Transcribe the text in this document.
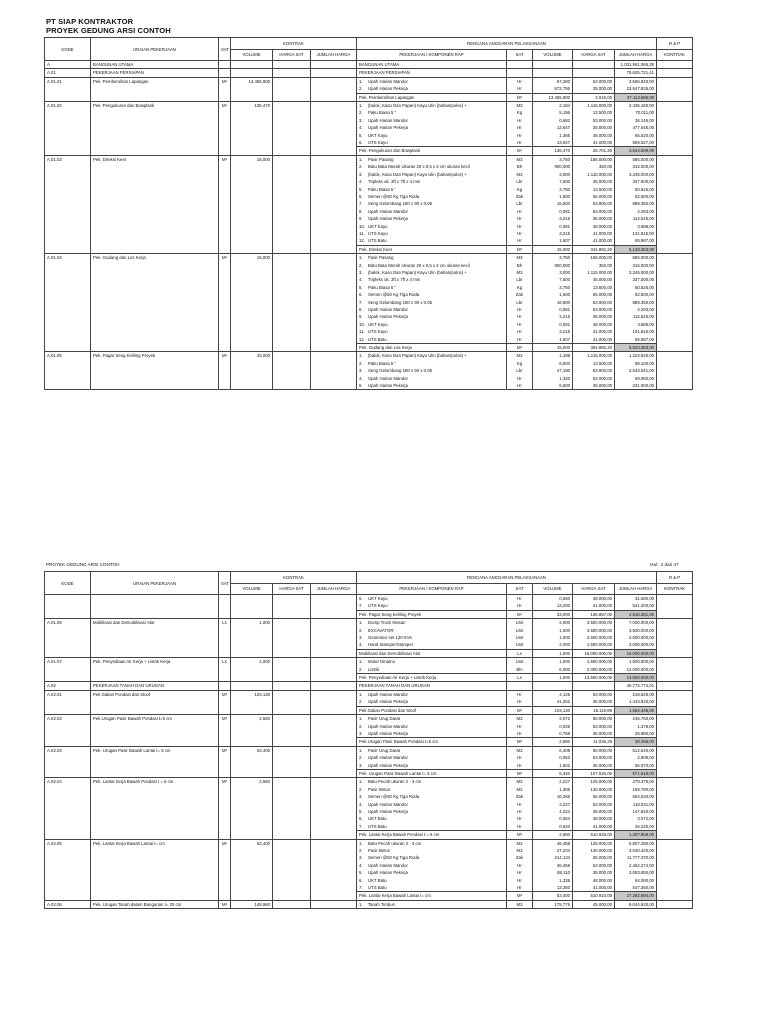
PT SIAP KONTRAKTOR
PROYEK GEDUNG ARSI CONTOH
KODE	URAIAN PEKERJAAN	SAT	KONTRAK			RENCANA ANGGARAN PELAKSANAAN					R & P
			VOLUME	HARGA SAT	JUMLAH HARGA	PEKERJAAN / KOMPONEN RAP	SAT	VOLUME	HARGA SAT	JUMLAH HARGA	KONTRAK
A	BANGUNAN UTAMA					BANGUNAN UTAMA				1.031.961.065,35	
A.01	PEKERJAAN PERSIAPAN					PEKERJAAN PERSIAPAN				75.625.721,41	
A.01.01	Pek. Pembersihan Lapangan	M²	13.455,900			1. Upah Harian Mandor	Hr	67,280	53.000,00	3.565.840,00	
						2. Upah Harian Pekerja	Hr	672,795	35.000,00	23.547.825,00	
						Pek. Pembersihan Lapangan	M²	13.455,900	2.015,00	27.113.665,00	
A.01.02	Pek. Pengukuran dan Bowplank	M¹	136,470			1. (balok, Kaso Dan Papan) Kayu Ulin (bahan/polos) +	M3	2,184	1.115.000,00	2.435.160,00	
						2. Paku Biasa 5 "	Kg	5,196	13.500,00	70.011,00	
						3. Upah Harian Mandor	Hr	0,682	53.000,00	36.146,00	
						4. Upah Harian Pekerja	Hr	13,647	35.000,00	477.645,00	
						5. UKT Kayu	Hr	1,365	48.000,00	65.520,00	
						6. UTS Kayu	Hr	13,647	41.000,00	559.527,00	
						Pek. Pengukuran dan Bowplank	M¹	136,470	26.701,30	3.644.009,00	
A.01.03	Pek. Direksi Keet	M²	15,000			1. Pasir Pasang	M3	3,750	156.000,00	585.000,00	
						2. Batu Bata Merah Ukuran 20 x 9,5 x 4 cm ukuran kecil	Bh	900,000	350,00	315.000,00	
						3. (balok, Kaso Dan Papan) Kayu Ulin (bahan/polos) +	M3	3,000	1.115.000,00	3.345.000,00	
						4. Tripleks uk. 3ft x 7ft x 4 mm	Lbr	7,500	45.000,00	337.500,00	
						5. Paku Biasa 5 "	Kg	3,750	13.500,00	50.625,00	
						6. Semen @50 Kg Tiga Roda	Zak	1,500	55.000,00	82.500,00	
						7. Seng Gelombang 180 x 90 x 0,05	Lbr	16,500	53.900,00	889.350,00	
						8. Upah Harian Mandor	Hr	0,081	53.000,00	4.293,00	
						9. Upah Harian Pekerja	Hr	3,215	35.000,00	112.525,00	
						10. UKT Kayu	Hr	0,081	48.000,00	3.888,00	
						11. UTS Kayu	Hr	3,215	41.000,00	131.815,00	
						12. UTS Batu	Hr	1,607	41.000,00	65.887,00	
						Pek. Direksi Keet	M²	15,000	341.892,20	5.128.383,00	
A.01.04	Pek. Gudang dan Los Kerja	M²	15,000			1. Pasir Pasang	M3	3,750	156.000,00	585.000,00	
						2. Batu Bata Merah Ukuran 20 x 9,5 x 4 cm ukuran kecil	Bh	900,000	350,00	315.000,00	
						3. (balok, Kaso Dan Papan) Kayu Ulin (bahan/polos) +	M3	3,000	1.115.000,00	3.345.000,00	
						4. Tripleks uk. 3ft x 7ft x 4 mm	Lbr	7,500	45.000,00	337.500,00	
						5. Paku Biasa 5 "	Kg	3,750	13.500,00	50.625,00	
						6. Semen @50 Kg Tiga Roda	Zak	1,500	55.000,00	82.500,00	
						7. Seng Gelombang 180 x 90 x 0,05	Lbr	16,500	53.900,00	889.350,00	
						8. Upah Harian Mandor	Hr	0,081	53.000,00	4.293,00	
						9. Upah Harian Pekerja	Hr	3,215	35.000,00	112.525,00	
						10. UKT Kayu	Hr	0,081	48.000,00	3.888,00	
						11. UTS Kayu	Hr	3,215	41.000,00	131.815,00	
						12. UTS Batu	Hr	1,607	41.000,00	65.887,00	
						Pek. Gudang dan Los Kerja	M²	15,000	394.892,20	5.923.383,00	
A.01.05	Pek. Pagar Seng Keliling Proyek	M¹	33,000			1. (balok, Kaso Dan Papan) Kayu Ulin (bahan/polos) +	M3	1,188	1.115.000,00	1.324.620,00	
						2. Paku Biasa 5 "	Kg	6,600	13.500,00	89.100,00	
						3. Seng Gelombang 180 x 90 x 0,05	Lbr	47,190	53.900,00	2.543.541,00	
						4. Upah Harian Mandor	Hr	1,320	53.000,00	69.960,00	
						5. Upah Harian Pekerja	Hr	6,600	35.000,00	231.000,00	
PROYEK GEDUNG ARSI CONTOH	Hal : 2 dari 47
KODE	URAIAN PEKERJAAN	SAT	KONTRAK			RENCANA ANGGARAN PELAKSANAAN					R & P
			VOLUME	HARGA SAT	JUMLAH HARGA	PEKERJAAN / KOMPONEN RAP	SAT	VOLUME	HARGA SAT	JUMLAH HARGA	KONTRAK
						6. UKT Kayu	Hr	0,660	48.000,00	31.680,00	
						7. UTS Kayu	Hr	13,200	41.000,00	541.200,00	
						Pek. Pagar Seng Keliling Proyek	M¹	33,000	136.857,00	4.516.281,00	
A.01.06	Mobilisasi dan Demobilisasi Alat	Ls	1,000			1. Dump Truck Nissan	Unit	2,000	3.500.000,00	7.000.000,00	
						2. EXCAVATOR	Unit	1,000	3.500.000,00	3.500.000,00	
						3. Generator set 120 KVA	Unit	1,000	2.500.000,00	2.500.000,00	
						4. Hand Stamper/Stamper	Unit	2,000	1.500.000,00	3.000.000,00	
						Mobilisasi dan Demobilisasi Alat	Ls	1,000	16.000.000,00	16.000.000,00	
A.01.07	Pek. Penyediaan Air Kerja + Listrik Kerja	Ls	1,000			1. Motor Dinamo	Unit	1,000	1.500.000,00	1.500.000,00	
						2. Listrik	Bln	6,000	2.000.000,00	12.000.000,00	
						Pek. Penyediaan Air Kerja + Listrik Kerja	Ls	1,000	13.500.000,00	13.500.000,00	
A.02	PEKERJAAN TANAH DAN URUGAN					PEKERJAAN TANAH DAN URUGAN				40.772.774,01	
A.02.01	Pek.Galian Pondasi dan Sloof	M³	103,130			1. Upah Harian Mandor	Hr	4,125	53.000,00	218.625,00	
						2. Upah Harian Pekerja	Hr	41,252	35.000,00	1.443.820,00	
						Pek.Galian Pondasi dan Sloof	M³	103,130	16.119,89	1.662.445,00	
A.02.02	Pek.Urugan Pasir Bawah Pondasi t=5 cm	M³	2,560			1. Pasir Urug Darat	M3	3,072	80.000,00	245.760,00	
						2. Upah Harian Mandor	Hr	0,026	53.000,00	1.378,00	
						3. Upah Harian Pekerja	Hr	0,768	35.000,00	26.880,00	
						Pek.Urugan Pasir Bawah Pondasi t=5 cm	M³	2,560	11.036,29	28.256,00	
A.02.03	Pek. Urugan Pasir Bawah Lantai t= 5 cm	M²	53,400			1. Pasir Urug Darat	M3	6,408	80.000,00	512.640,00	
						2. Upah Harian Mandor	Hr	0,053	53.000,00	2.809,00	
						3. Upah Harian Pekerja	Hr	1,602	35.000,00	56.070,00	
						Pek. Urugan Pasir Bawah Lantai t= 5 cm	M³	5,340	107.026,00	571.519,00	
A.02.04	Pek. Lantai Kerja Bawah Pondasi t = 5 cm	M³	2,560			1. Batu Pecah ukuran 2 - 3 cm	M3	2,227	125.000,00	278.375,00	
						2. Pasir Beton	M3	1,306	130.000,00	169.780,00	
						3. Semen @50 Kg Tiga Roda	Zak	10,266	55.000,00	564.630,00	
						4. Upah Harian Mandor	Hr	2,227	53.000,00	118.031,00	
						5. Upah Harian Pekerja	Hr	4,224	35.000,00	147.840,00	
						6. UKT Batu	Hr	0,064	48.000,00	3.072,00	
						7. UTS Batu	Hr	0,640	41.000,00	26.240,00	
						Pek. Lantai Kerja Bawah Pondasi t = 5 cm	M³	2,560	510.925,00	1.307.968,00	
A.02.05	Pek. Lantai Kerja Bawah Lantai t= cm	M²	53,400			1. Batu Pecah ukuran 2 - 3 cm	M3	46,458	125.000,00	5.807.250,00	
						2. Pasir Beton	M3	27,234	130.000,00	3.540.420,00	
						3. Semen @50 Kg Tiga Roda	Zak	214,134	55.000,00	11.777.370,00	
						4. Upah Harian Mandor	Hr	46,458	53.000,00	2.462.274,00	
						5. Upah Harian Pekerja	Hr	88,110	35.000,00	3.083.850,00	
						6. UKT Batu	Hr	1,335	48.000,00	64.080,00	
						7. UTS Batu	Hr	13,350	41.000,00	547.350,00	
						Pek. Lantai Kerja Bawah Lantai t= cm	M³	53,400	510.910,00	27.282.594,00	
A.02.06	Pek. Urugan Tanah dalam Bangunan t= 20 cm	M³	148,960			1. Tanah Timbun	M3	178,776	45.000,00	8.044.920,00	
